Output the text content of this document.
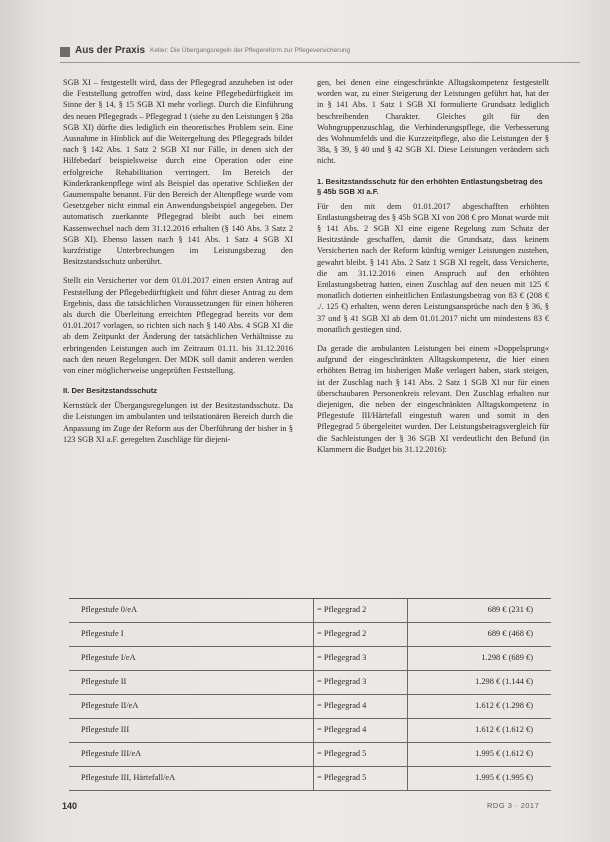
Aus der Praxis Keller: Die Übergangsregeln der Pflegereform zur Pflegeversicherung

SGB XI – festgestellt wird, dass der Pflegegrad anzuheben ist oder die Feststellung getroffen wird, dass keine Pflegebedürftigkeit im Sinne der § 14, § 15 SGB XI mehr vorliegt. Durch die Einführung des neuen Pflegegrads – Pflegegrad 1 (siehe zu den Leistungen § 28a SGB XI) dürfte dies lediglich ein theoretisches Problem sein. Eine Ausnahme in Hinblick auf die Weitergeltung des Pflegegrads bildet nach § 142 Abs. 1 Satz 2 SGB XI nur Fälle, in denen sich der Hilfebedarf beispielsweise durch eine Operation oder eine erfolgreiche Rehabilitation verringert. Im Bereich der Kinderkrankenpflege wird als Beispiel das operative Schließen der Gaumenspalte benannt. Für den Bereich der Altenpflege wurde vom Gesetzgeber nicht einmal ein Anwendungsbeispiel angegeben. Der automatisch zuerkannte Pflegegrad bleibt auch bei einem Kassenwechsel nach dem 31.12.2016 erhalten (§ 140 Abs. 3 Satz 2 SGB XI). Ebenso lassen nach § 141 Abs. 1 Satz 4 SGB XI kurzfristige Unterbrechungen im Leistungsbezug den Besitzstandsschutz unberührt.

Stellt ein Versicherter vor dem 01.01.2017 einen ersten Antrag auf Feststellung der Pflegebedürftigkeit und führt dieser Antrag zu dem Ergebnis, dass die tatsächlichen Voraussetzungen für einen höheren als durch die Überleitung erreichten Pflegegrad bereits vor dem 01.01.2017 vorlagen, so richten sich nach § 140 Abs. 4 SGB XI die ab dem Zeitpunkt der Änderung der tatsächlichen Verhältnisse zu erbringenden Leistungen auch im Zeitraum 01.11. bis 31.12.2016 nach den neuen Regelungen. Der MDK soll damit anderen werden von einer möglicherweise ungeprüften Feststellung.

II. Der Besitzstandsschutz

Kernstück der Übergangsregelungen ist der Besitzstandsschutz. Da die Leistungen im ambulanten und teilstationären Bereich durch die Anpassung im Zuge der Reform aus der Überführung der bisher in § 123 SGB XI a.F. geregelten Zuschläge für diejeni-

gen, bei denen eine eingeschränkte Alltagskompetenz festgestellt worden war, zu einer Steigerung der Leistungen geführt hat, hat der in § 141 Abs. 1 Satz 1 SGB XI formulierte Grundsatz lediglich beschreibenden Charakter. Gleiches gilt für den Wohngruppenzuschlag, die Verhinderungspflege, die Verbesserung des Wohnumfelds und die Kurzzeitpflege, also die Leistungen der § 38a, § 39, § 40 und § 42 SGB XI. Diese Leistungen verändern sich nicht.

1. Besitzstandsschutz für den erhöhten Entlastungsbetrag des § 45b SGB XI a.F.

Für den mit dem 01.01.2017 abgeschafften erhöhten Entlastungsbetrag des § 45b SGB XI von 208 € pro Monat wurde mit § 141 Abs. 2 SGB XI eine eigene Regelung zum Schutz der Besitzstände geschaffen, damit die Grundsatz, dass keinem Versicherten nach der Reform künftig weniger Leistungen zustehen, gewahrt bleibt. § 141 Abs. 2 Satz 1 SGB XI regelt, dass Versicherte, die am 31.12.2016 einen Anspruch auf den erhöhten Entlastungsbetrag hatten, einen Zuschlag auf den neuen mit 125 € monatlich dotierten einheitlichen Entlastungsbetrag von 83 € (208 € ./. 125 €) erhalten, wenn deren Leistungsansprüche nach den § 36, § 37 und § 41 SGB XI ab dem 01.01.2017 nicht um mindestens 83 € monatlich gestiegen sind.

Da gerade die ambulanten Leistungen bei einem »Doppelsprung« aufgrund der eingeschränkten Alltagskompetenz, die hier einen erhöhten Betrag im bisherigen Maße verlagert haben, stark steigen, ist der Zuschlag nach § 141 Abs. 2 Satz 1 SGB XI nur für einen überschaubaren Personenkreis relevant. Den Zuschlag erhalten nur diejenigen, die neben der eingeschränkten Alltagskompetenz in Pflegestufe III/Härtefall eingestuft waren und somit in den Pflegegrad 5 übergeleitet wurden. Der Leistungsbetragsvergleich für die Sachleistungen der § 36 SGB XI verdeutlicht den Befund (in Klammern die Budget bis 31.12.2016):

Pflegestufe 0/eA	= Pflegegrad 2	689 € (231 €)
Pflegestufe I	= Pflegegrad 2	689 € (468 €)
Pflegestufe I/eA	= Pflegegrad 3	1.298 € (689 €)
Pflegestufe II	= Pflegegrad 3	1.298 € (1.144 €)
Pflegestufe II/eA	= Pflegegrad 4	1.612 € (1.298 €)
Pflegestufe III	= Pflegegrad 4	1.612 € (1.612 €)
Pflegestufe III/eA	= Pflegegrad 5	1.995 € (1.612 €)
Pflegestufe III, Härtefall/eA	= Pflegegrad 5	1.995 € (1.995 €)
140	RDG 3 · 2017
